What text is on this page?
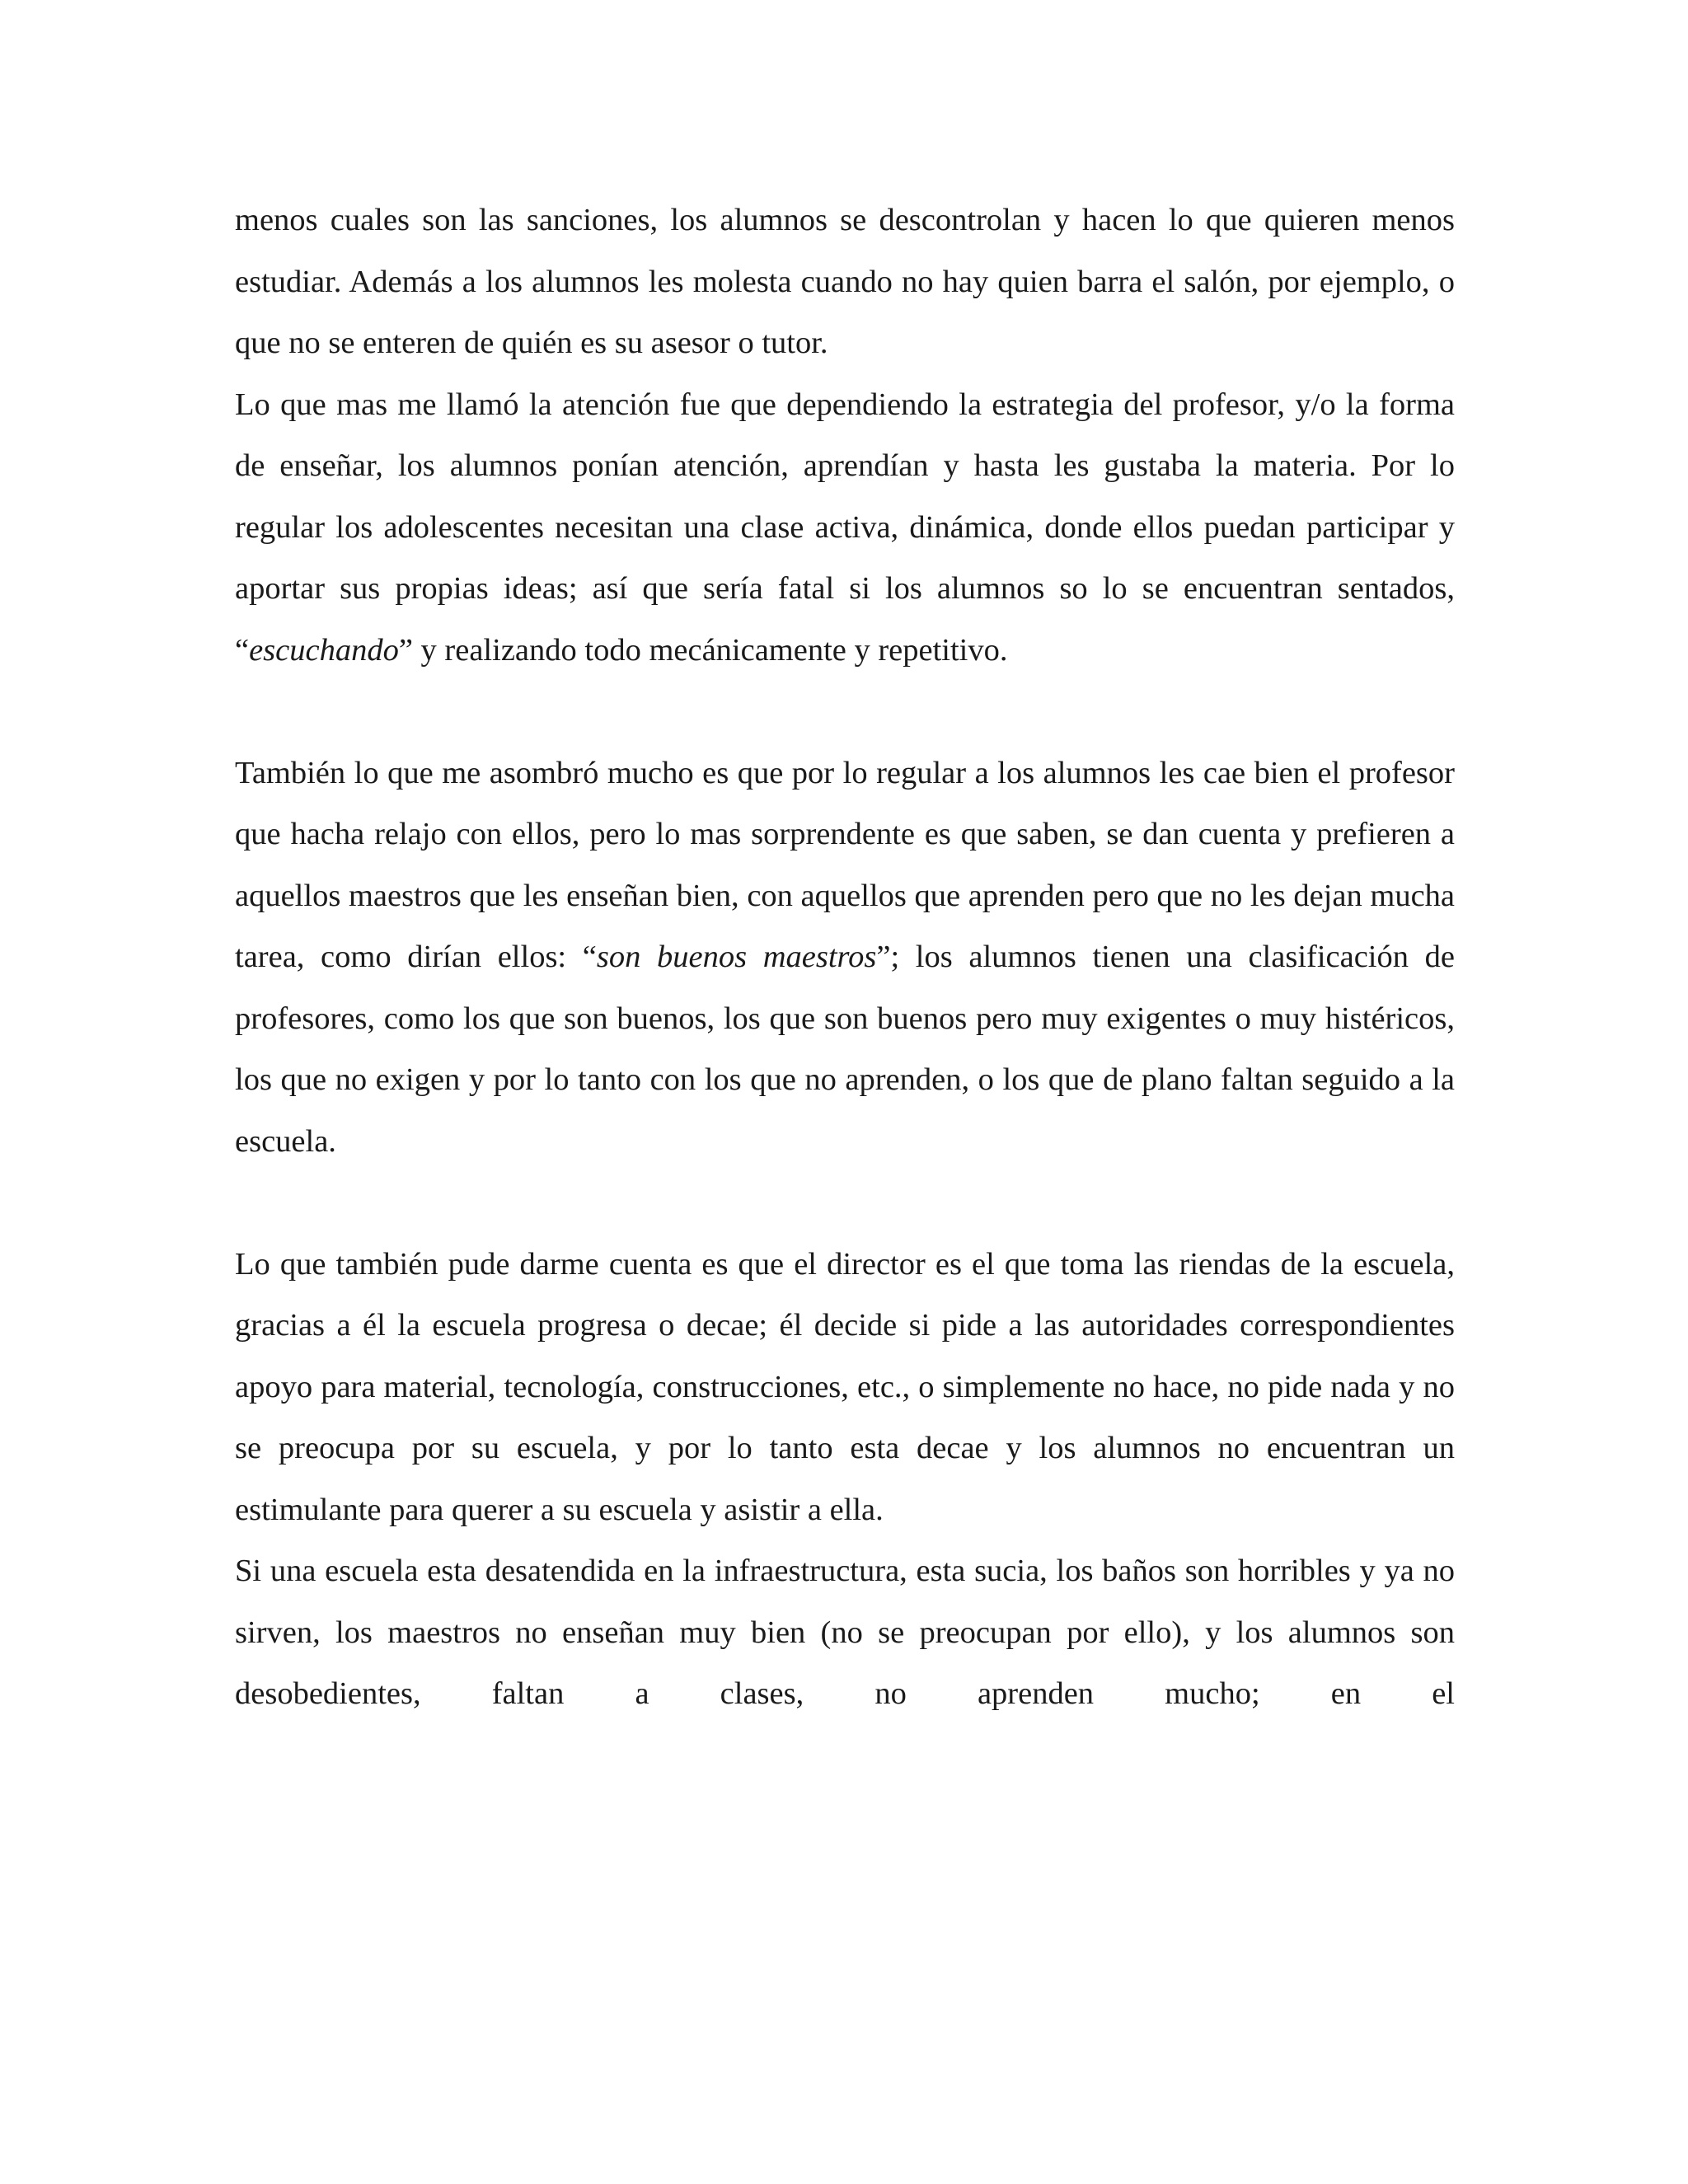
menos cuales son las sanciones, los alumnos se descontrolan y hacen lo que quieren menos estudiar. Además a los alumnos les molesta cuando no hay quien barra el salón, por ejemplo, o que no se enteren de quién es su asesor o tutor.

Lo que mas me llamó la atención fue que dependiendo la estrategia del profesor, y/o la forma de enseñar, los alumnos ponían atención, aprendían y hasta les gustaba la materia. Por lo regular los adolescentes necesitan una clase activa, dinámica, donde ellos puedan participar y aportar sus propias ideas; así que sería fatal si los alumnos so lo se encuentran sentados, “escuchando” y realizando todo mecánicamente y repetitivo.

También lo que me asombró mucho es que por lo regular a los alumnos les cae bien el profesor que hacha relajo con ellos, pero lo mas sorprendente es que saben, se dan cuenta y prefieren a aquellos maestros que les enseñan bien, con aquellos que aprenden pero que no les dejan mucha tarea, como dirían ellos: “son buenos maestros”; los alumnos tienen una clasificación de profesores, como los que son buenos, los que son buenos pero muy exigentes o muy histéricos, los que no exigen y por lo tanto con los que no aprenden, o los que de plano faltan seguido a la escuela.

Lo que también pude darme cuenta es que el director es el que toma las riendas de la escuela, gracias a él la escuela progresa o decae; él decide si pide a las autoridades correspondientes apoyo para material, tecnología, construcciones, etc., o simplemente no hace, no pide nada y no se preocupa por su escuela, y por lo tanto esta decae y los alumnos no encuentran un estimulante para querer a su escuela y asistir a ella.

Si una escuela esta desatendida en la infraestructura, esta sucia, los baños son horribles y ya no sirven, los maestros no enseñan muy bien (no se preocupan por ello), y los alumnos son desobedientes, faltan a clases, no aprenden mucho; en el
